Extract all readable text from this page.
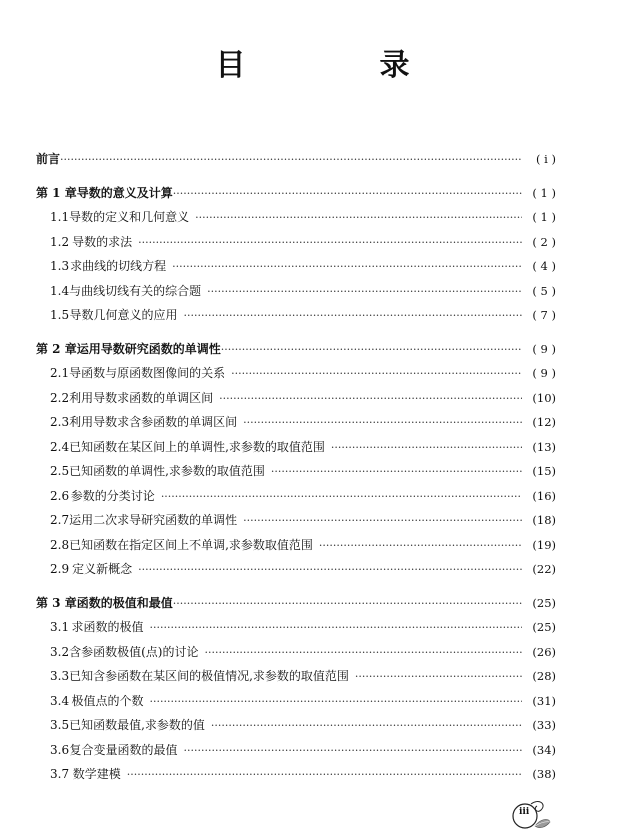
目　录
前言 ·····	( ⅰ )
第 1 章 导数的意义及计算 ·····	( 1 )
1.1 导数的定义和几何意义 ·····	( 1 )
1.2 导数的求法 ·····	( 2 )
1.3 求曲线的切线方程 ·····	( 4 )
1.4 与曲线切线有关的综合题 ·····	( 5 )
1.5 导数几何意义的应用 ·····	( 7 )
第 2 章 运用导数研究函数的单调性 ·····	( 9 )
2.1 导函数与原函数图像间的关系 ·····	( 9 )
2.2 利用导数求函数的单调区间 ·····	(10)
2.3 利用导数求含参函数的单调区间 ·····	(12)
2.4 已知函数在某区间上的单调性,求参数的取值范围 ·····	(13)
2.5 已知函数的单调性,求参数的取值范围 ·····	(15)
2.6 参数的分类讨论 ·····	(16)
2.7 运用二次求导研究函数的单调性 ·····	(18)
2.8 已知函数在指定区间上不单调,求参数取值范围 ·····	(19)
2.9 定义新概念 ·····	(22)
第 3 章 函数的极值和最值 ·····	(25)
3.1 求函数的极值 ·····	(25)
3.2 含参函数极值(点)的讨论 ·····	(26)
3.3 已知含参函数在某区间的极值情况,求参数的取值范围 ·····	(28)
3.4 极值点的个数 ·····	(31)
3.5 已知函数最值,求参数的值 ·····	(33)
3.6 复合变量函数的最值 ·····	(34)
3.7 数学建模 ·····	(38)
ⅲ
